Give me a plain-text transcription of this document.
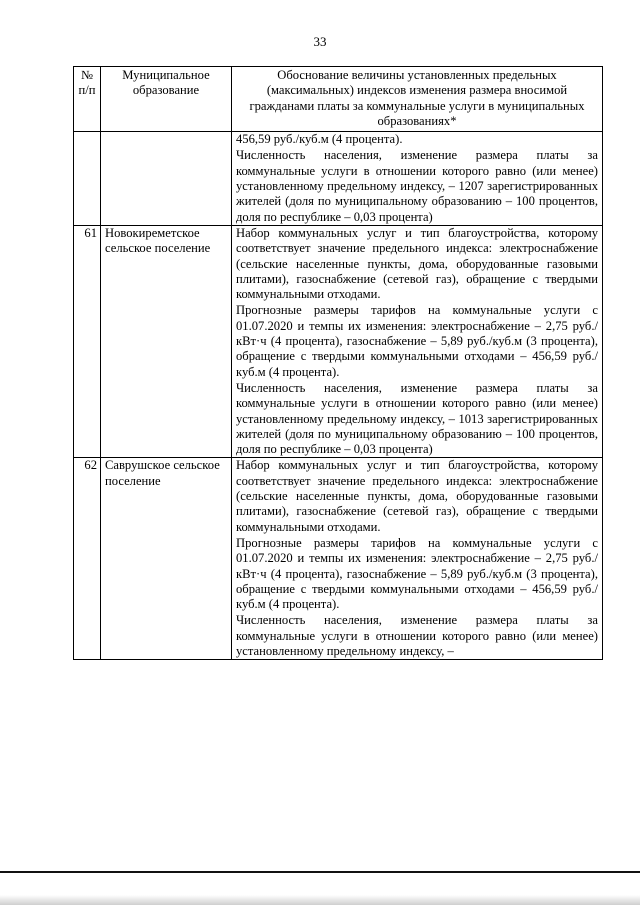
33
№ п/п	Муниципальное образование	Обоснование величины установленных предельных (максимальных) индексов изменения размера вносимой гражданами платы за коммунальные услуги в муниципальных образованиях*

		456,59 руб./куб.м (4 процента).
Численность населения, изменение размера платы за коммунальные услуги в отношении которого равно (или менее) установленному предельному индексу, – 1207 зарегистрированных жителей (доля по муниципальному образованию – 100 процентов, доля по республике – 0,03 процента)

61	Новокиреметское сельское поселение	Набор коммунальных услуг и тип благоустройства, которому соответствует значение предельного индекса: электроснабжение (сельские населенные пункты, дома, оборудованные газовыми плитами), газоснабжение (сетевой газ), обращение с твердыми коммунальными отходами.
Прогнозные размеры тарифов на коммунальные услуги с 01.07.2020 и темпы их изменения: электроснабжение – 2,75 руб./кВт·ч (4 процента), газоснабжение – 5,89 руб./куб.м (3 процента), обращение с твердыми коммунальными отходами – 456,59 руб./куб.м (4 процента).
Численность населения, изменение размера платы за коммунальные услуги в отношении которого равно (или менее) установленному предельному индексу, – 1013 зарегистрированных жителей (доля по муниципальному образованию – 100 процентов, доля по республике – 0,03 процента)

62	Саврушское сельское поселение	Набор коммунальных услуг и тип благоустройства, которому соответствует значение предельного индекса: электроснабжение (сельские населенные пункты, дома, оборудованные газовыми плитами), газоснабжение (сетевой газ), обращение с твердыми коммунальными отходами.
Прогнозные размеры тарифов на коммунальные услуги с 01.07.2020 и темпы их изменения: электроснабжение – 2,75 руб./кВт·ч (4 процента), газоснабжение – 5,89 руб./куб.м (3 процента), обращение с твердыми коммунальными отходами – 456,59 руб./куб.м (4 процента).
Численность населения, изменение размера платы за коммунальные услуги в отношении которого равно (или менее) установленному предельному индексу, –
